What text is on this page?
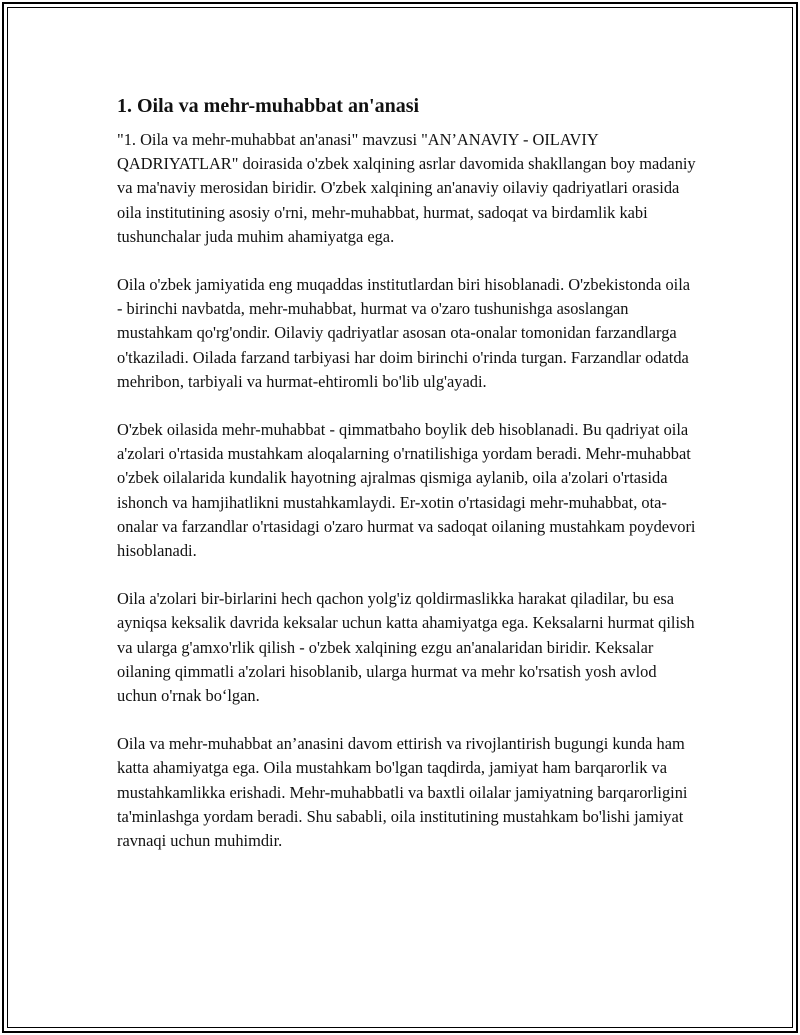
1. Oila va mehr-muhabbat an'anasi

"1. Oila va mehr-muhabbat an'anasi" mavzusi "AN’ANAVIY - OILAVIY QADRIYATLAR" doirasida o'zbek xalqining asrlar davomida shakllangan boy madaniy va ma'naviy merosidan biridir. O'zbek xalqining an'anaviy oilaviy qadriyatlari orasida oila institutining asosiy o'rni, mehr-muhabbat, hurmat, sadoqat va birdamlik kabi tushunchalar juda muhim ahamiyatga ega.

Oila o'zbek jamiyatida eng muqaddas institutlardan biri hisoblanadi. O'zbekistonda oila - birinchi navbatda, mehr-muhabbat, hurmat va o'zaro tushunishga asoslangan mustahkam qo'rg'ondir. Oilaviy qadriyatlar asosan ota-onalar tomonidan farzandlarga o'tkaziladi. Oilada farzand tarbiyasi har doim birinchi o'rinda turgan. Farzandlar odatda mehribon, tarbiyali va hurmat-ehtiromli bo'lib ulg'ayadi.

O'zbek oilasida mehr-muhabbat - qimmatbaho boylik deb hisoblanadi. Bu qadriyat oila a'zolari o'rtasida mustahkam aloqalarning o'rnatilishiga yordam beradi. Mehr-muhabbat o'zbek oilalarida kundalik hayotning ajralmas qismiga aylanib, oila a'zolari o'rtasida ishonch va hamjihatlikni mustahkamlaydi. Er-xotin o'rtasidagi mehr-muhabbat, ota-onalar va farzandlar o'rtasidagi o'zaro hurmat va sadoqat oilaning mustahkam poydevori hisoblanadi.

Oila a'zolari bir-birlarini hech qachon yolg'iz qoldirmaslikka harakat qiladilar, bu esa ayniqsa keksalik davrida keksalar uchun katta ahamiyatga ega. Keksalarni hurmat qilish va ularga g'amxo'rlik qilish - o'zbek xalqining ezgu an'analaridan biridir. Keksalar oilaning qimmatli a'zolari hisoblanib, ularga hurmat va mehr ko'rsatish yosh avlod uchun o'rnak bo‘lgan.

Oila va mehr-muhabbat an’anasini davom ettirish va rivojlantirish bugungi kunda ham katta ahamiyatga ega. Oila mustahkam bo'lgan taqdirda, jamiyat ham barqarorlik va mustahkamlikka erishadi. Mehr-muhabbatli va baxtli oilalar jamiyatning barqarorligini ta'minlashga yordam beradi. Shu sababli, oila institutining mustahkam bo'lishi jamiyat ravnaqi uchun muhimdir.
